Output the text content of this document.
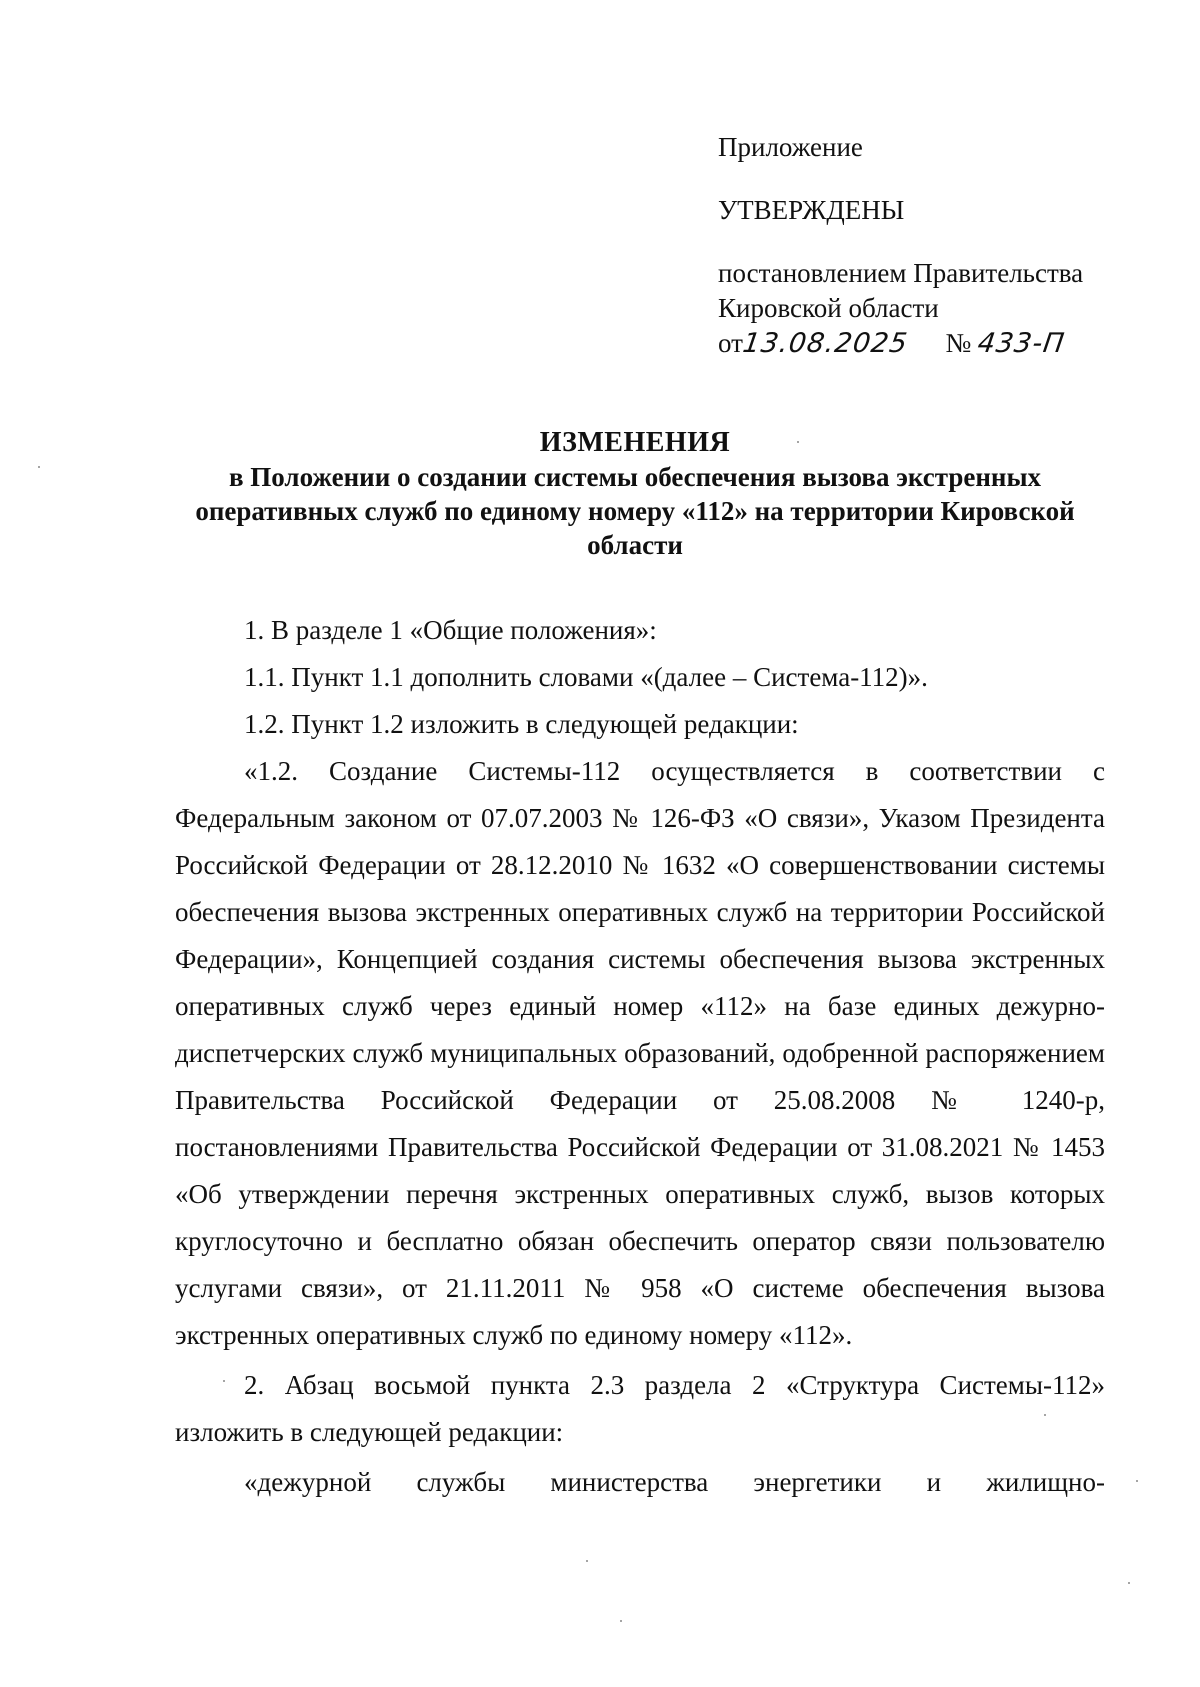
Приложение
УТВЕРЖДЕНЫ
постановлением Правительства
Кировской области
от13.08.2025 № 433-П
ИЗМЕНЕНИЯ
в Положении о создании системы обеспечения вызова экстренных оперативных служб по единому номеру «112» на территории Кировской области

1. В разделе 1 «Общие положения»:

1.1. Пункт 1.1 дополнить словами «(далее – Система-112)».

1.2. Пункт 1.2 изложить в следующей редакции:

«1.2. Создание Системы-112 осуществляется в соответствии с Федеральным законом от 07.07.2003 № 126-ФЗ «О связи», Указом Президента Российской Федерации от 28.12.2010 № 1632 «О совершенствовании системы обеспечения вызова экстренных оперативных служб на территории Российской Федерации», Концепцией создания системы обеспечения вызова экстренных оперативных служб через единый номер «112» на базе единых дежурно-диспетчерских служб муниципальных образований, одобренной распоряжением Правительства Российской Федерации от 25.08.2008 № 1240-р, постановлениями Правительства Российской Федерации от 31.08.2021 № 1453 «Об утверждении перечня экстренных оперативных служб, вызов которых круглосуточно и бесплатно обязан обеспечить оператор связи пользователю услугами связи», от 21.11.2011 № 958 «О системе обеспечения вызова экстренных оперативных служб по единому номеру «112».

2. Абзац восьмой пункта 2.3 раздела 2 «Структура Системы-112» изложить в следующей редакции:

«дежурной службы министерства энергетики и жилищно-
